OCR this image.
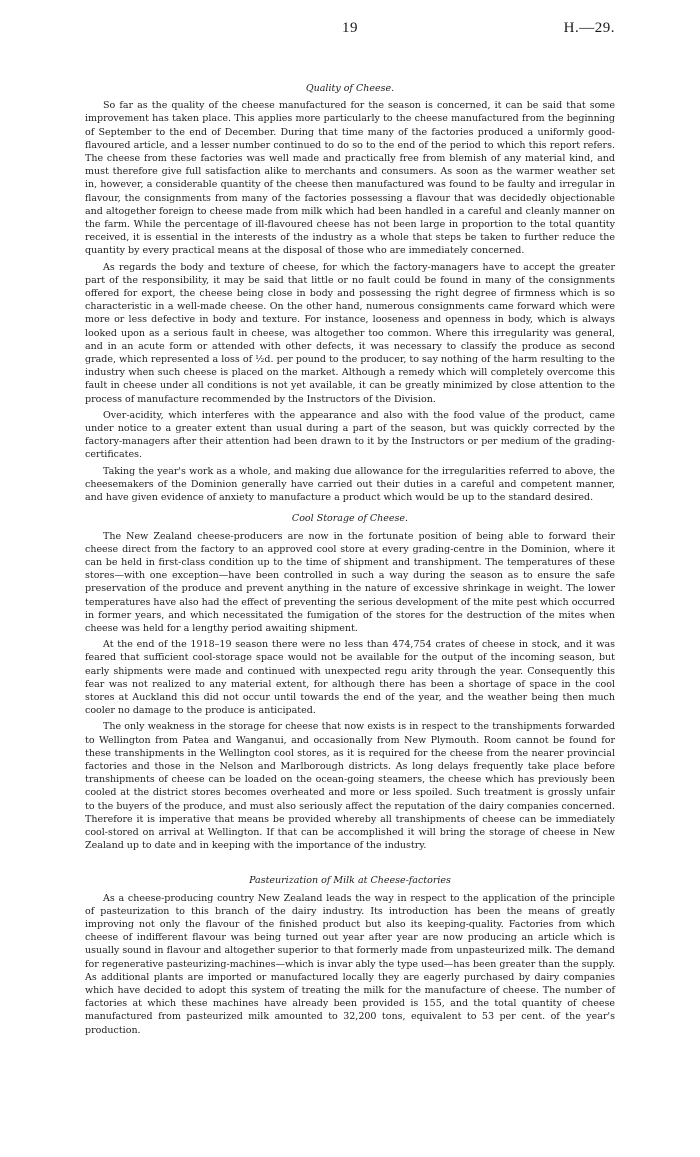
19	H.—29.
Quality of Cheese.

So far as the quality of the cheese manufactured for the season is concerned, it can be said that some improvement has taken place. This applies more particularly to the cheese manufactured from the beginning of September to the end of December. During that time many of the factories produced a uniformly good-flavoured article, and a lesser number continued to do so to the end of the period to which this report refers. The cheese from these factories was well made and practically free from blemish of any material kind, and must therefore give full satisfaction alike to merchants and consumers. As soon as the warmer weather set in, however, a considerable quantity of the cheese then manufactured was found to be faulty and irregular in flavour, the consignments from many of the factories possessing a flavour that was decidedly objectionable and altogether foreign to cheese made from milk which had been handled in a careful and cleanly manner on the farm. While the percentage of ill-flavoured cheese has not been large in proportion to the total quantity received, it is essential in the interests of the industry as a whole that steps be taken to further reduce the quantity by every practical means at the disposal of those who are immediately concerned.

As regards the body and texture of cheese, for which the factory-managers have to accept the greater part of the responsibility, it may be said that little or no fault could be found in many of the consignments offered for export, the cheese being close in body and possessing the right degree of firmness which is so characteristic in a well-made cheese. On the other hand, numerous consignments came forward which were more or less defective in body and texture. For instance, looseness and openness in body, which is always looked upon as a serious fault in cheese, was altogether too common. Where this irregularity was general, and in an acute form or attended with other defects, it was necessary to classify the produce as second grade, which represented a loss of ½d. per pound to the producer, to say nothing of the harm resulting to the industry when such cheese is placed on the market. Although a remedy which will completely overcome this fault in cheese under all conditions is not yet available, it can be greatly minimized by close attention to the process of manufacture recommended by the Instructors of the Division.

Over-acidity, which interferes with the appearance and also with the food value of the product, came under notice to a greater extent than usual during a part of the season, but was quickly corrected by the factory-managers after their attention had been drawn to it by the Instructors or per medium of the grading-certificates.

Taking the year's work as a whole, and making due allowance for the irregularities referred to above, the cheesemakers of the Dominion generally have carried out their duties in a careful and competent manner, and have given evidence of anxiety to manufacture a product which would be up to the standard desired.

Cool Storage of Cheese.

The New Zealand cheese-producers are now in the fortunate position of being able to forward their cheese direct from the factory to an approved cool store at every grading-centre in the Dominion, where it can be held in first-class condition up to the time of shipment and transhipment. The temperatures of these stores—with one exception—have been controlled in such a way during the season as to ensure the safe preservation of the produce and prevent anything in the nature of excessive shrinkage in weight. The lower temperatures have also had the effect of preventing the serious development of the mite pest which occurred in former years, and which necessitated the fumigation of the stores for the destruction of the mites when cheese was held for a lengthy period awaiting shipment.

At the end of the 1918–19 season there were no less than 474,754 crates of cheese in stock, and it was feared that sufficient cool-storage space would not be available for the output of the incoming season, but early shipments were made and continued with unexpected regu arity through the year. Consequently this fear was not realized to any material extent, for although there has been a shortage of space in the cool stores at Auckland this did not occur until towards the end of the year, and the weather being then much cooler no damage to the produce is anticipated.

The only weakness in the storage for cheese that now exists is in respect to the transhipments forwarded to Wellington from Patea and Wanganui, and occasionally from New Plymouth. Room cannot be found for these transhipments in the Wellington cool stores, as it is required for the cheese from the nearer provincial factories and those in the Nelson and Marlborough districts. As long delays frequently take place before transhipments of cheese can be loaded on the ocean-going steamers, the cheese which has previously been cooled at the district stores becomes overheated and more or less spoiled. Such treatment is grossly unfair to the buyers of the produce, and must also seriously affect the reputation of the dairy companies concerned. Therefore it is imperative that means be provided whereby all transhipments of cheese can be immediately cool-stored on arrival at Wellington. If that can be accomplished it will bring the storage of cheese in New Zealand up to date and in keeping with the importance of the industry.

Pasteurization of Milk at Cheese-factories

As a cheese-producing country New Zealand leads the way in respect to the application of the principle of pasteurization to this branch of the dairy industry. Its introduction has been the means of greatly improving not only the flavour of the finished product but also its keeping-quality. Factories from which cheese of indifferent flavour was being turned out year after year are now producing an article which is usually sound in flavour and altogether superior to that formerly made from unpasteurized milk. The demand for regenerative pasteurizing-machines—which is invar ably the type used—has been greater than the supply. As additional plants are imported or manufactured locally they are eagerly purchased by dairy companies which have decided to adopt this system of treating the milk for the manufacture of cheese. The number of factories at which these machines have already been provided is 155, and the total quantity of cheese manufactured from pasteurized milk amounted to 32,200 tons, equivalent to 53 per cent. of the year's production.
